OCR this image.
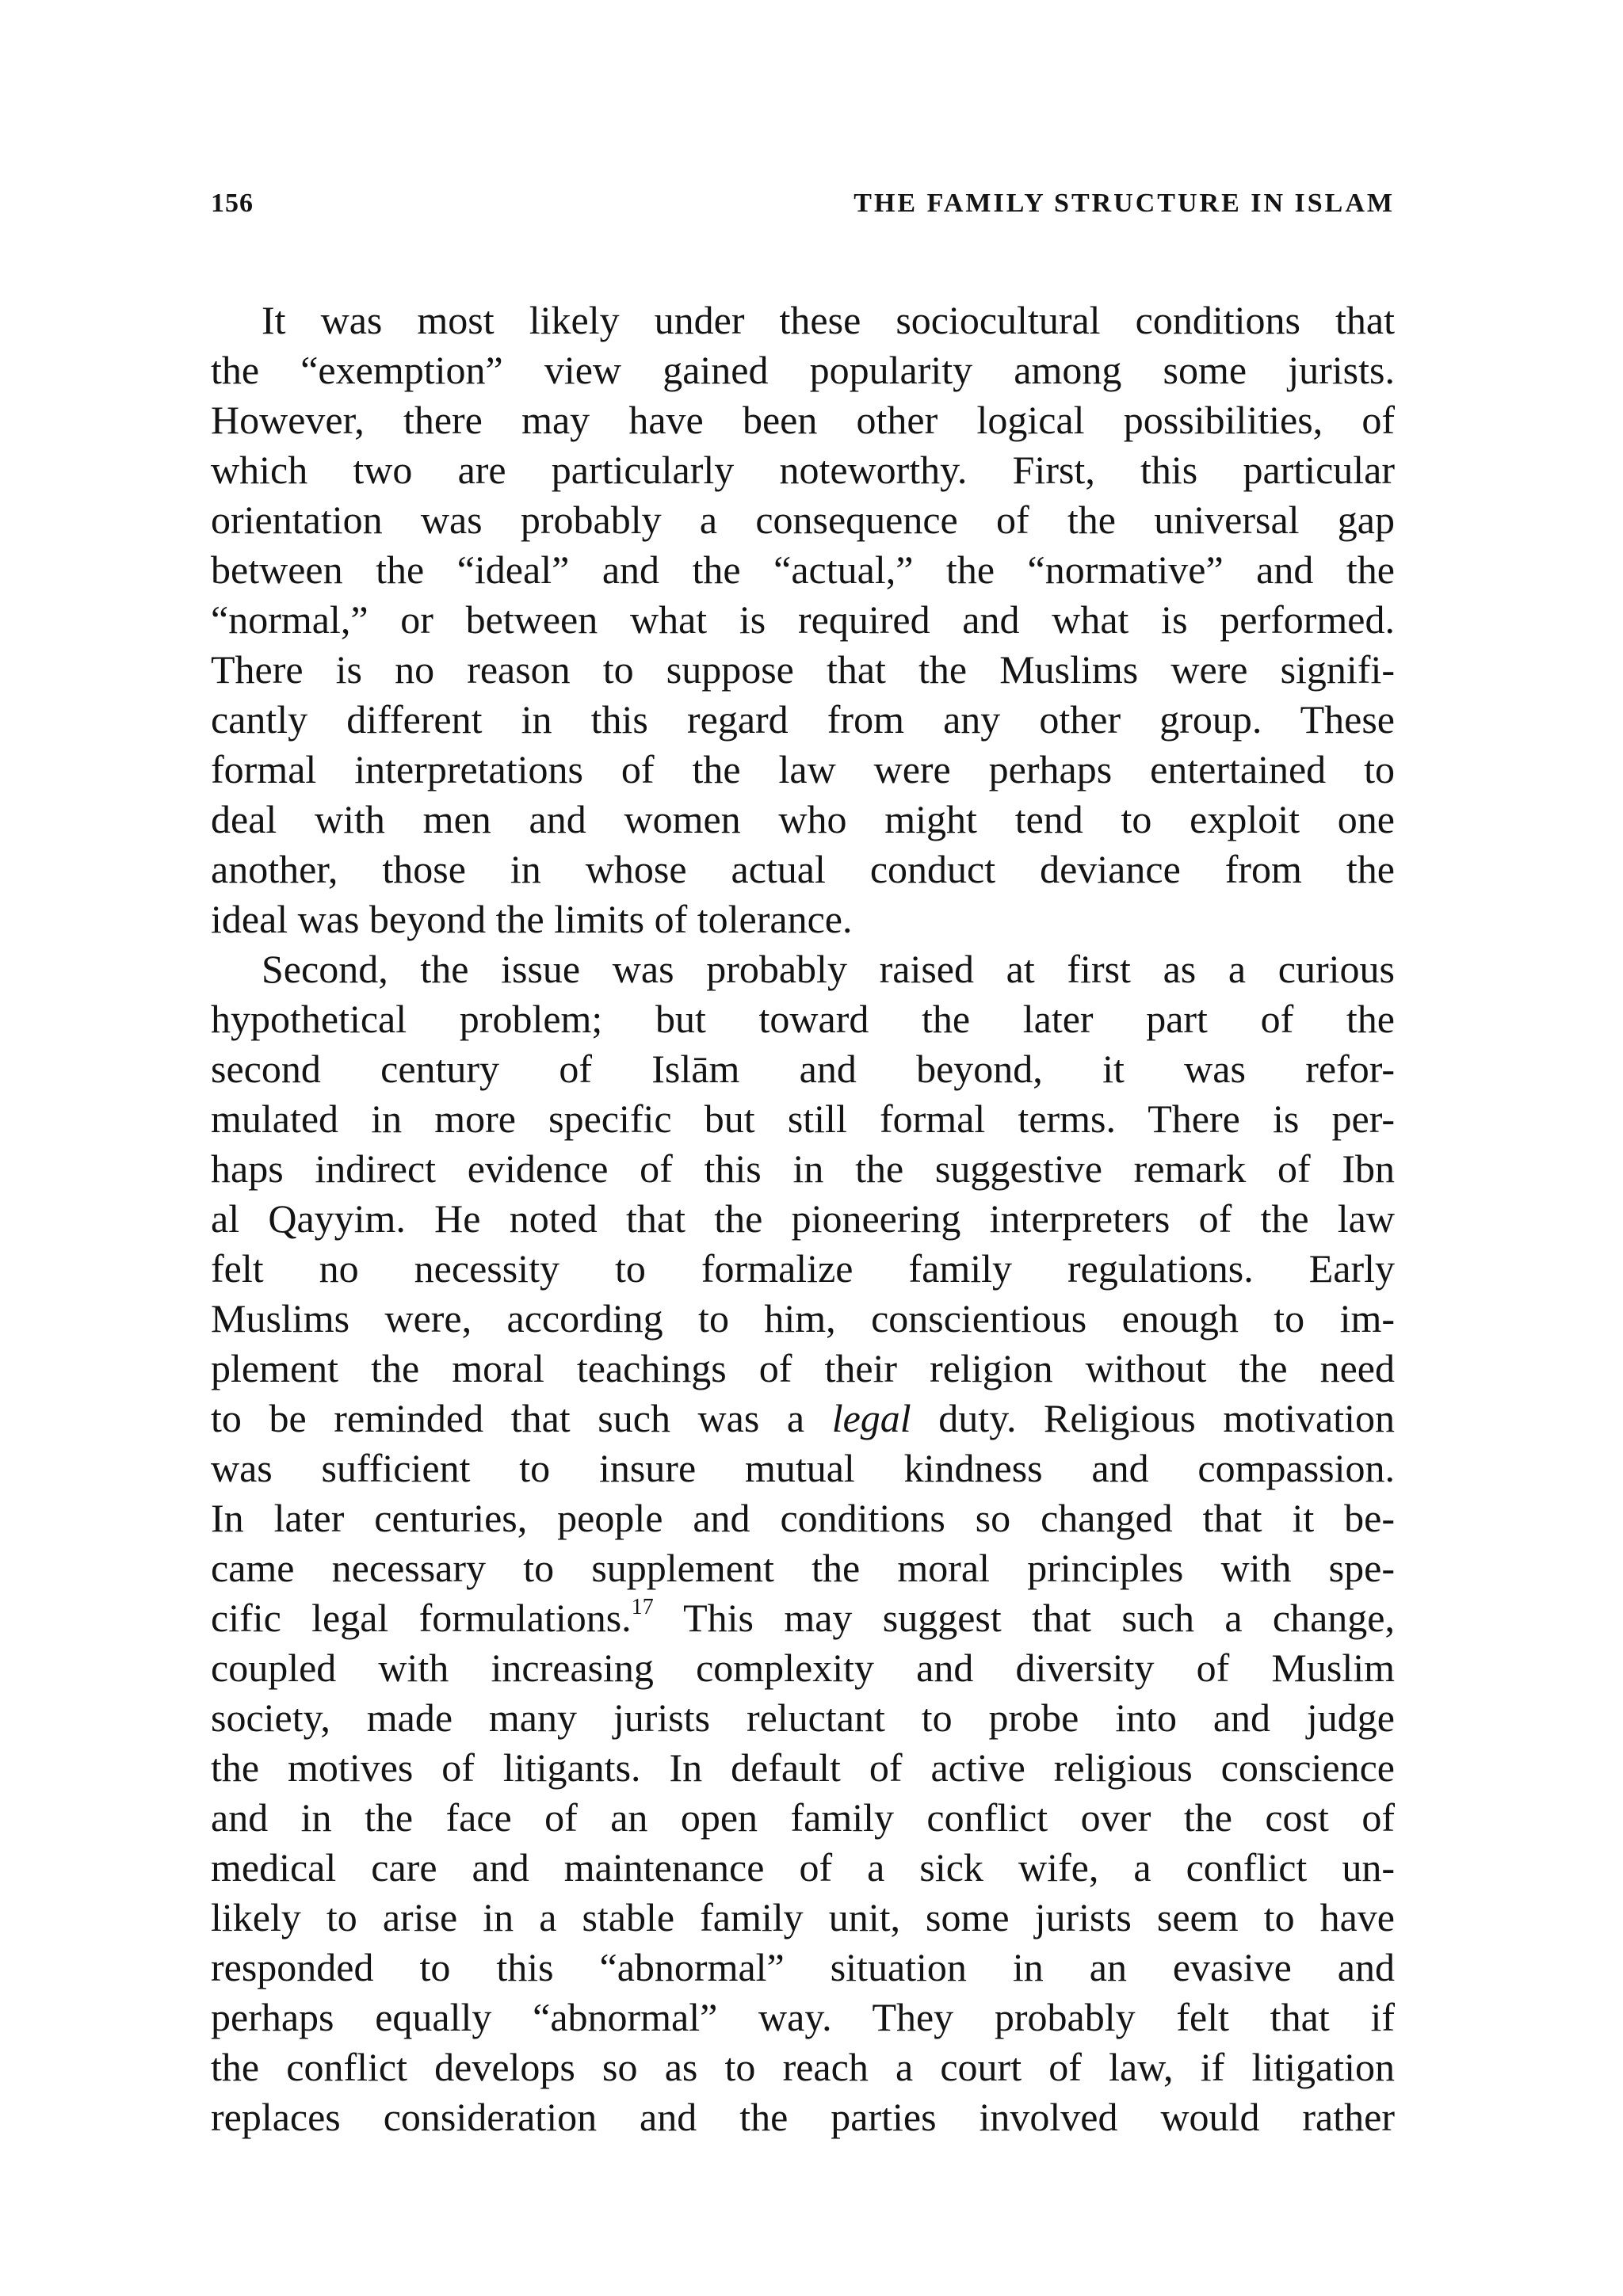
156	THE FAMILY STRUCTURE IN ISLAM
It was most likely under these sociocultural conditions that
the “exemption” view gained popularity among some jurists.
However, there may have been other logical possibilities, of
which two are particularly noteworthy. First, this particular
orientation was probably a consequence of the universal gap
between the “ideal” and the “actual,” the “normative” and the
“normal,” or between what is required and what is performed.
There is no reason to suppose that the Muslims were signifi-
cantly different in this regard from any other group. These
formal interpretations of the law were perhaps entertained to
deal with men and women who might tend to exploit one
another, those in whose actual conduct deviance from the
ideal was beyond the limits of tolerance.
Second, the issue was probably raised at first as a curious
hypothetical problem; but toward the later part of the
second century of Islām and beyond, it was refor-
mulated in more specific but still formal terms. There is per-
haps indirect evidence of this in the suggestive remark of Ibn
al Qayyim. He noted that the pioneering interpreters of the law
felt no necessity to formalize family regulations. Early
Muslims were, according to him, conscientious enough to im-
plement the moral teachings of their religion without the need
to be reminded that such was a legal duty. Religious motivation
was sufficient to insure mutual kindness and compassion.
In later centuries, people and conditions so changed that it be-
came necessary to supplement the moral principles with spe-
cific legal formulations.$^{17}$ This may suggest that such a change,
coupled with increasing complexity and diversity of Muslim
society, made many jurists reluctant to probe into and judge
the motives of litigants. In default of active religious conscience
and in the face of an open family conflict over the cost of
medical care and maintenance of a sick wife, a conflict un-
likely to arise in a stable family unit, some jurists seem to have
responded to this “abnormal” situation in an evasive and
perhaps equally “abnormal” way. They probably felt that if
the conflict develops so as to reach a court of law, if litigation
replaces consideration and the parties involved would rather
